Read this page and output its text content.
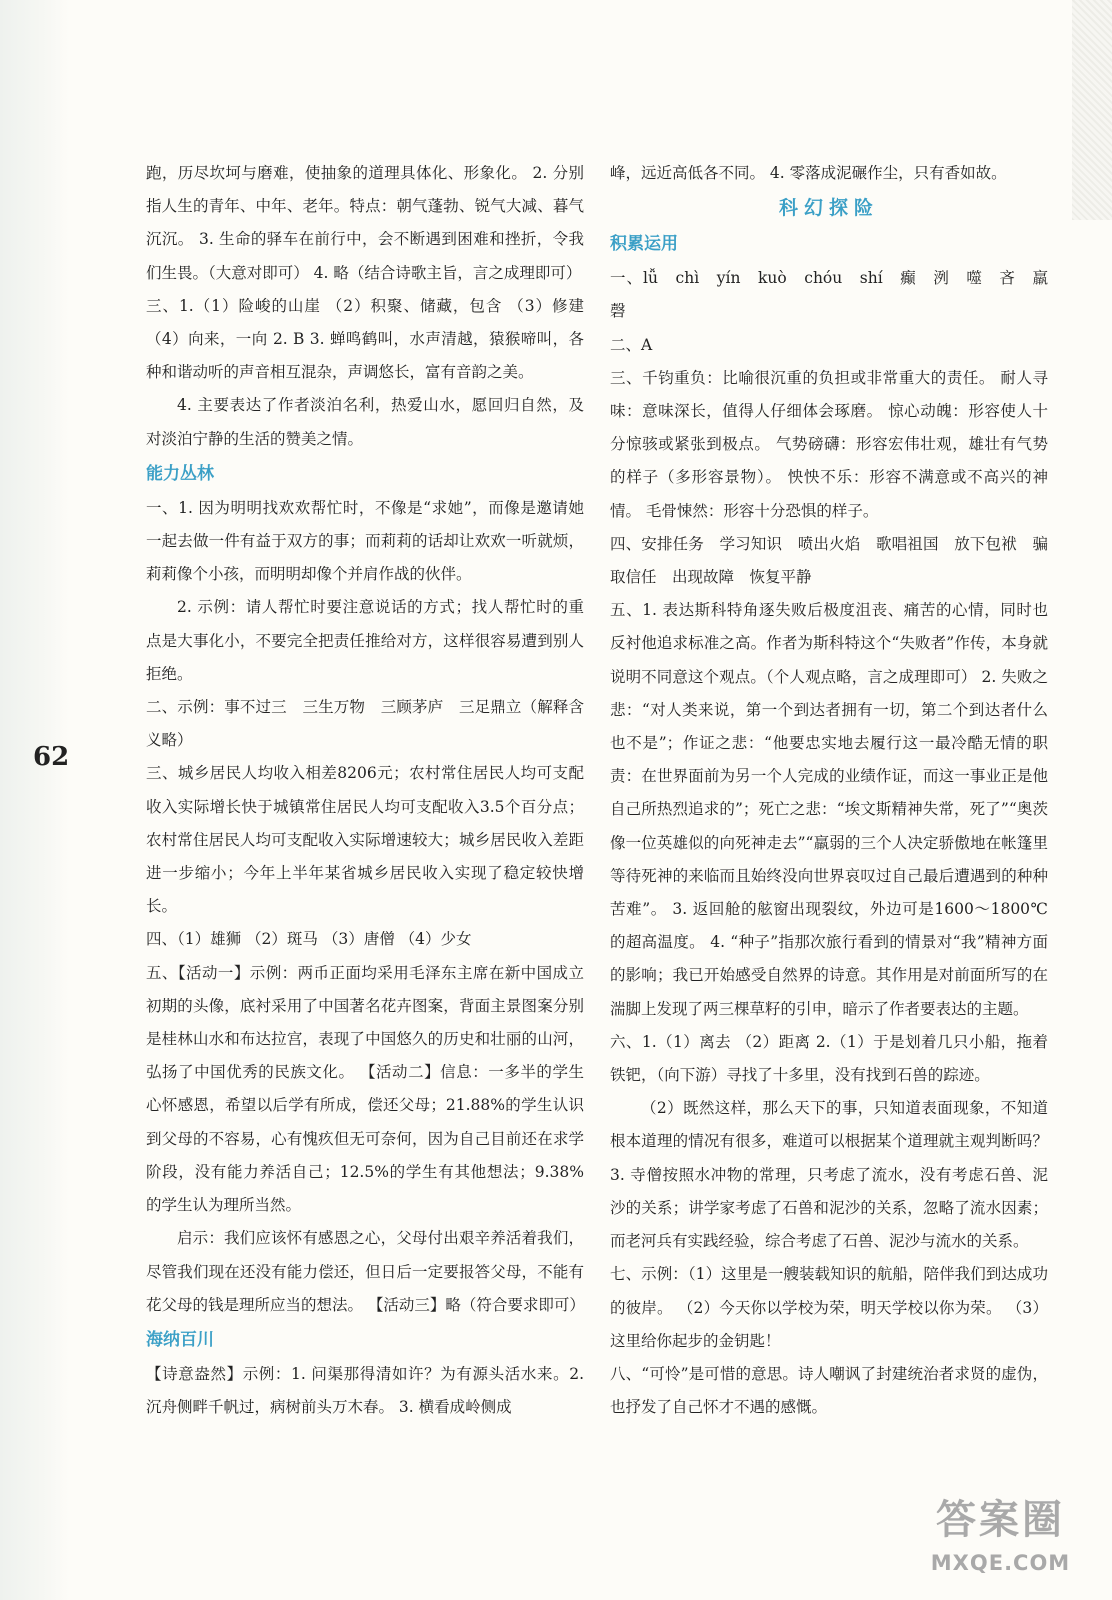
62

跑，历尽坎坷与磨难，使抽象的道理具体化、形象化。 2. 分别指人生的青年、中年、老年。特点：朝气蓬勃、锐气大减、暮气沉沉。 3. 生命的驿车在前行中，会不断遇到困难和挫折，令我们生畏。（大意对即可） 4. 略（结合诗歌主旨，言之成理即可）

三、1.（1）险峻的山崖 （2）积聚、储藏，包含 （3）修建 （4）向来，一向 2. B 3. 蝉鸣鹤叫，水声清越，猿猴啼叫，各种和谐动听的声音相互混杂，声调悠长，富有音韵之美。

4. 主要表达了作者淡泊名利，热爱山水，愿回归自然，及对淡泊宁静的生活的赞美之情。

能力丛林

一、1. 因为明明找欢欢帮忙时，不像是“求她”，而像是邀请她一起去做一件有益于双方的事；而莉莉的话却让欢欢一听就烦，莉莉像个小孩，而明明却像个并肩作战的伙伴。

2. 示例：请人帮忙时要注意说话的方式；找人帮忙时的重点是大事化小，不要完全把责任推给对方，这样很容易遭到别人拒绝。

二、示例：事不过三　三生万物　三顾茅庐　三足鼎立（解释含义略）

三、城乡居民人均收入相差8206元；农村常住居民人均可支配收入实际增长快于城镇常住居民人均可支配收入3.5个百分点；农村常住居民人均可支配收入实际增速较大；城乡居民收入差距进一步缩小；今年上半年某省城乡居民收入实现了稳定较快增长。

四、（1）雄狮 （2）斑马 （3）唐僧 （4）少女

五、【活动一】示例：两币正面均采用毛泽东主席在新中国成立初期的头像，底衬采用了中国著名花卉图案，背面主景图案分别是桂林山水和布达拉宫，表现了中国悠久的历史和壮丽的山河，弘扬了中国优秀的民族文化。 【活动二】信息：一多半的学生心怀感恩，希望以后学有所成，偿还父母；21.88%的学生认识到父母的不容易，心有愧疚但无可奈何，因为自己目前还在求学阶段，没有能力养活自己；12.5%的学生有其他想法；9.38%的学生认为理所当然。

启示：我们应该怀有感恩之心，父母付出艰辛养活着我们，尽管我们现在还没有能力偿还，但日后一定要报答父母，不能有花父母的钱是理所应当的想法。 【活动三】略（符合要求即可）

海纳百川

【诗意盎然】示例：1. 问渠那得清如许？为有源头活水来。2. 沉舟侧畔千帆过，病树前头万木春。 3. 横看成岭侧成

峰，远近高低各不同。 4. 零落成泥碾作尘，只有香如故。

科幻探险
积累运用

一、lǚ　chì　yín　kuò　chóu　shí　癫　洌　噬　吝　羸　磬

二、A

三、千钧重负：比喻很沉重的负担或非常重大的责任。 耐人寻味：意味深长，值得人仔细体会琢磨。 惊心动魄：形容使人十分惊骇或紧张到极点。 气势磅礴：形容宏伟壮观，雄壮有气势的样子（多形容景物）。 怏怏不乐：形容不满意或不高兴的神情。 毛骨悚然：形容十分恐惧的样子。

四、安排任务　学习知识　喷出火焰　歌唱祖国　放下包袱　骗取信任　出现故障　恢复平静

五、1. 表达斯科特角逐失败后极度沮丧、痛苦的心情，同时也反衬他追求标准之高。作者为斯科特这个“失败者”作传，本身就说明不同意这个观点。（个人观点略，言之成理即可） 2. 失败之悲：“对人类来说，第一个到达者拥有一切，第二个到达者什么也不是”；作证之悲：“他要忠实地去履行这一最冷酷无情的职责：在世界面前为另一个人完成的业绩作证，而这一事业正是他自己所热烈追求的”；死亡之悲：“埃文斯精神失常，死了”“奥茨像一位英雄似的向死神走去”“羸弱的三个人决定骄傲地在帐篷里等待死神的来临而且始终没向世界哀叹过自己最后遭遇到的种种苦难”。 3. 返回舱的舷窗出现裂纹，外边可是1600～1800℃的超高温度。 4. “种子”指那次旅行看到的情景对“我”精神方面的影响；我已开始感受自然界的诗意。其作用是对前面所写的在湍脚上发现了两三棵草籽的引申，暗示了作者要表达的主题。

六、1.（1）离去 （2）距离 2.（1）于是划着几只小船，拖着铁钯，（向下游）寻找了十多里，没有找到石兽的踪迹。

（2）既然这样，那么天下的事，只知道表面现象，不知道根本道理的情况有很多，难道可以根据某个道理就主观判断吗？ 3. 寺僧按照水冲物的常理，只考虑了流水，没有考虑石兽、泥沙的关系；讲学家考虑了石兽和泥沙的关系，忽略了流水因素；而老河兵有实践经验，综合考虑了石兽、泥沙与流水的关系。

七、示例：（1）这里是一艘装载知识的航船，陪伴我们到达成功的彼岸。 （2）今天你以学校为荣，明天学校以你为荣。 （3）这里给你起步的金钥匙！

八、“可怜”是可惜的意思。诗人嘲讽了封建统治者求贤的虚伪，也抒发了自己怀才不遇的感慨。

答案圈
MXQE.COM
